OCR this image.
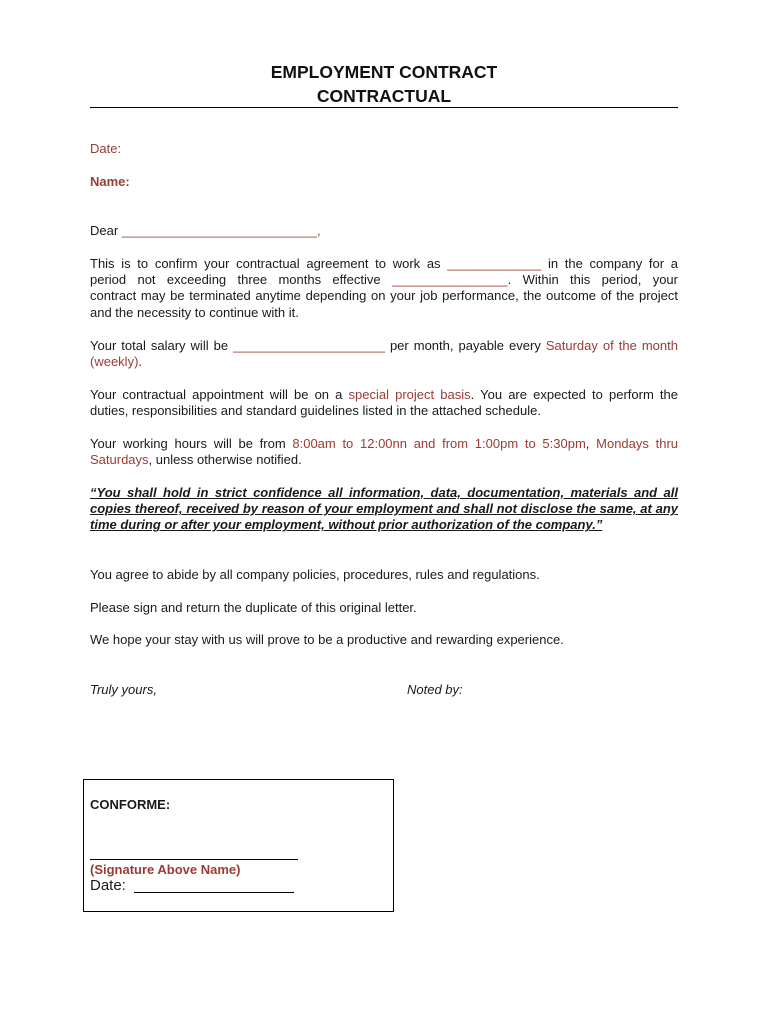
EMPLOYMENT CONTRACT
CONTRACTUAL
Date:
Name:
Dear ___________________________,
This is to confirm your contractual agreement to work as _____________ in the company for a
period not exceeding three months effective ________________. Within this period, your
contract may be terminated anytime depending on your job performance, the outcome of the project and the necessity to continue with it.
Your total salary will be _____________________ per month, payable every Saturday of the month (weekly).
Your contractual appointment will be on a special project basis. You are expected to perform the duties, responsibilities and standard guidelines listed in the attached schedule.
Your working hours will be from 8:00am to 12:00nn and from 1:00pm to 5:30pm, Mondays thru Saturdays, unless otherwise notified.
“You shall hold in strict confidence all information, data, documentation, materials and all copies thereof, received by reason of your employment and shall not disclose the same, at any time during or after your employment, without prior authorization of the company.”
You agree to abide by all company policies, procedures, rules and regulations.
Please sign and return the duplicate of this original letter.
We hope your stay with us will prove to be a productive and rewarding experience.
Truly yours,	Noted by:
CONFORME:
(Signature Above Name)
Date:
